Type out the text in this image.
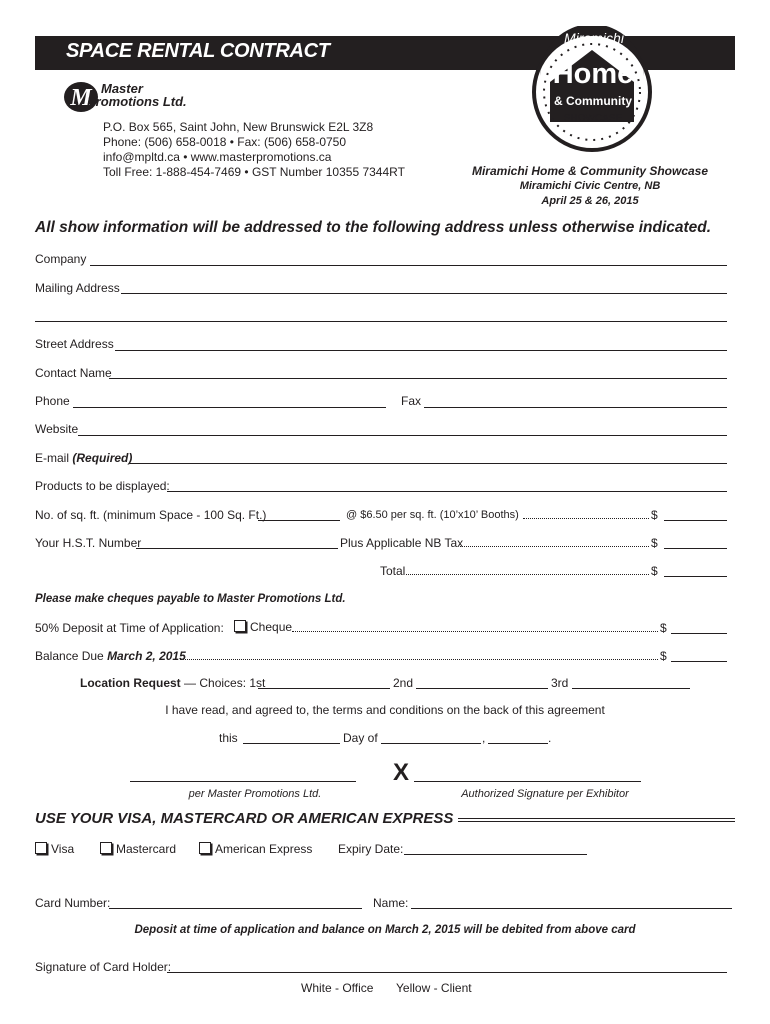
SPACE RENTAL CONTRACT
M Master
Promotions Ltd.
P.O. Box 565, Saint John, New Brunswick E2L 3Z8
Phone: (506) 658-0018 • Fax: (506) 658-0750
info@mpltd.ca • www.masterpromotions.ca
Toll Free: 1-888-454-7469 • GST Number 10355 7344RT
Miramichi
Home
& Community
SHOWCASE
Miramichi Home & Community Showcase
Miramichi Civic Centre, NB
April 25 & 26, 2015
All show information will be addressed to the following address unless otherwise indicated.
Company
Mailing Address
Street Address
Contact Name
Phone	Fax
Website
E-mail (Required)
Products to be displayed:
No. of sq. ft. (minimum Space - 100 Sq. Ft.)	@ $6.50 per sq. ft. (10’x10’ Booths)	$
Your H.S.T. Number	Plus Applicable NB Tax	$
Total	$
Please make cheques payable to Master Promotions Ltd.
50% Deposit at Time of Application:	Cheque	$
Balance Due March 2, 2015	$
Location Request — Choices: 1st	2nd	3rd
I have read, and agreed to, the terms and conditions on the back of this agreement
this	Day of	,	.
X
per Master Promotions Ltd.	Authorized Signature per Exhibitor
USE YOUR VISA, MASTERCARD OR AMERICAN EXPRESS
Visa	Mastercard	American Express Expiry Date:
Card Number:	Name:
Deposit at time of application and balance on March 2, 2015 will be debited from above card
Signature of Card Holder:
White - Office Yellow - Client
